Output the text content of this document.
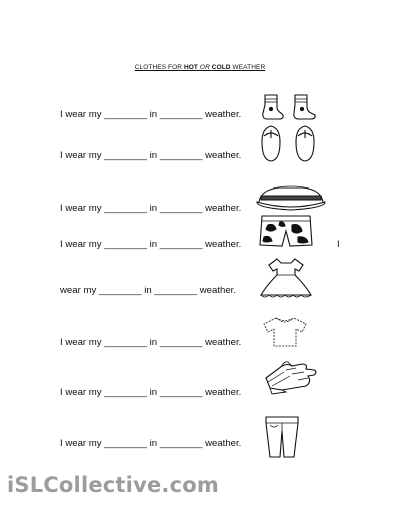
CLOTHES FOR HOT OR COLD WEATHER
I wear my ________ in ________ weather.
I wear my ________ in ________ weather.
I wear my ________ in ________ weather.
I wear my ________ in ________ weather.
wear my ________ in ________ weather.
I wear my ________ in ________ weather.
I wear my ________ in ________ weather.
I wear my ________ in ________ weather.
I
iSLCollective.com
